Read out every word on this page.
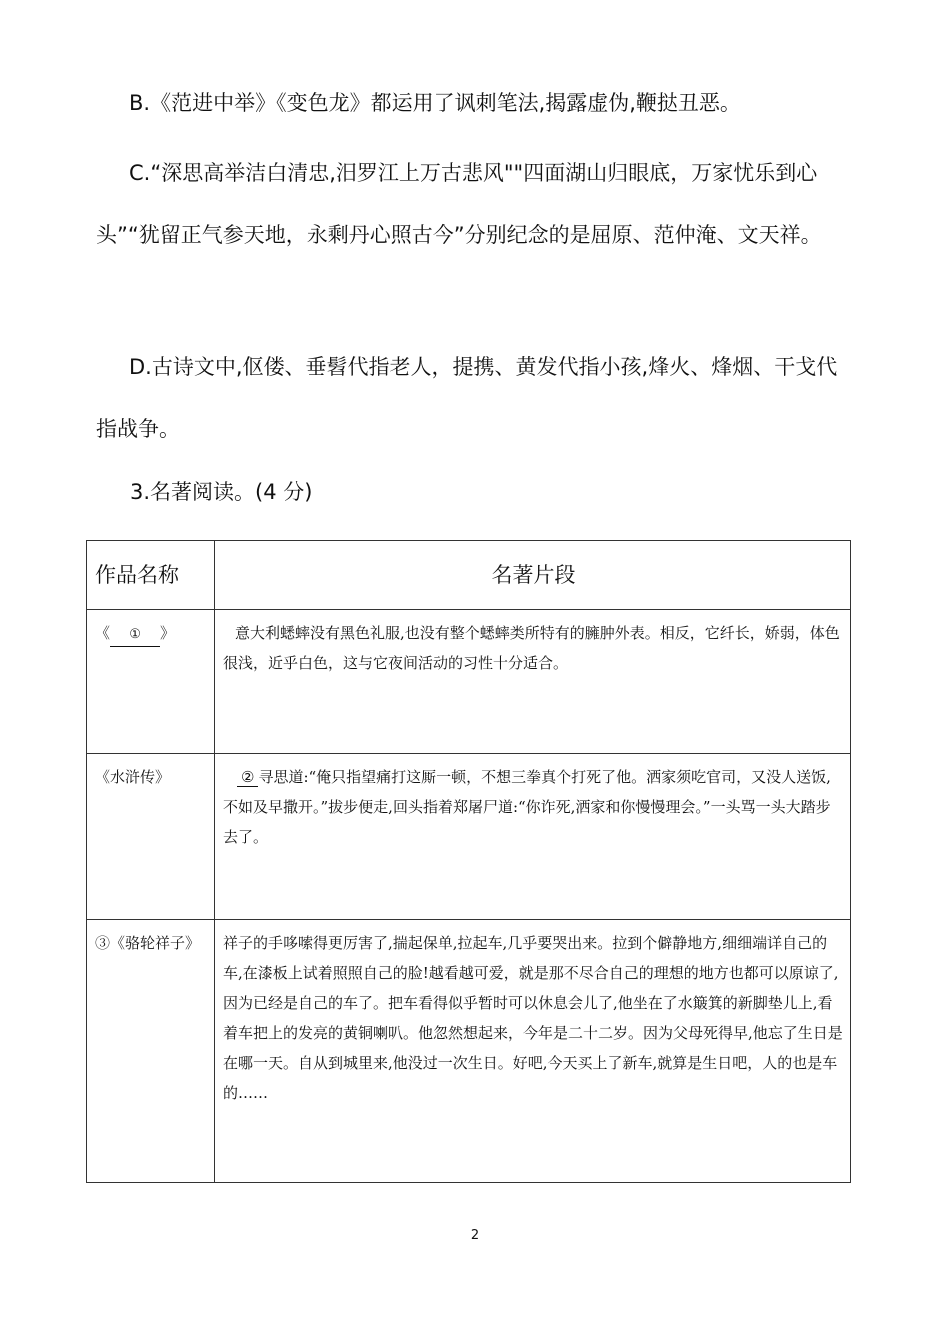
B.《范进中举》《变色龙》都运用了讽刺笔法,揭露虚伪,鞭挞丑恶。
C.“深思高举洁白清忠,汨罗江上万古悲风""四面湖山归眼底，万家忧乐到心头”“犹留正气参天地，永剩丹心照古今”分别纪念的是屈原、范仲淹、文天祥。
D.古诗文中,伛偻、垂髫代指老人，提携、黄发代指小孩,烽火、烽烟、干戈代指战争。
3.名著阅读。(4 分)
作品名称	名著片段
《 ① 》	意大利蟋蟀没有黑色礼服,也没有整个蟋蟀类所特有的臃肿外表。相反，它纤长，娇弱，体色很浅，近乎白色，这与它夜间活动的习性十分适合。
《水浒传》	② 寻思道:“俺只指望痛打这厮一顿，不想三拳真个打死了他。洒家须吃官司，又没人送饭,不如及早撒开。”拔步便走,回头指着郑屠尸道:“你诈死,洒家和你慢慢理会。”一头骂一头大踏步去了。
③《骆轮祥子》	祥子的手哆嗦得更厉害了,揣起保单,拉起车,几乎要哭出来。拉到个僻静地方,细细端详自己的车,在漆板上试着照照自己的脸!越看越可爱，就是那不尽合自己的理想的地方也都可以原谅了,因为已经是自己的车了。把车看得似乎暂时可以休息会儿了,他坐在了水簸箕的新脚垫儿上,看着车把上的发亮的黄铜喇叭。他忽然想起来，今年是二十二岁。因为父母死得早,他忘了生日是在哪一天。自从到城里来,他没过一次生日。好吧,今天买上了新车,就算是生日吧，人的也是车的……
2
